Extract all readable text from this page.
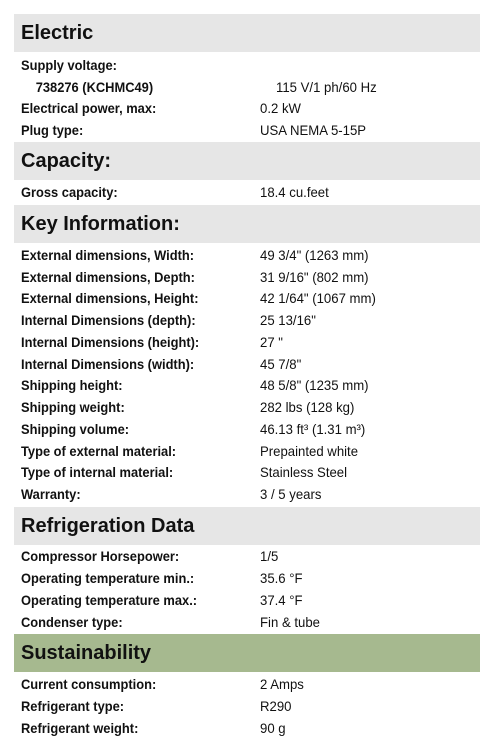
Electric
Supply voltage:
738276 (KCHMC49)	115 V/1 ph/60 Hz
Electrical power, max:	0.2 kW
Plug type:	USA NEMA 5-15P
Capacity:
Gross capacity:	18.4 cu.feet
Key Information:
External dimensions, Width:	49 3/4" (1263 mm)
External dimensions, Depth:	31 9/16" (802 mm)
External dimensions, Height:	42 1/64" (1067 mm)
Internal Dimensions (depth):	25 13/16"
Internal Dimensions (height):	27 "
Internal Dimensions (width):	45 7/8"
Shipping height:	48 5/8" (1235 mm)
Shipping weight:	282 lbs (128 kg)
Shipping volume:	46.13 ft³ (1.31 m³)
Type of external material:	Prepainted white
Type of internal material:	Stainless Steel
Warranty:	3 / 5 years
Refrigeration Data
Compressor Horsepower:	1/5
Operating temperature min.:	35.6 °F
Operating temperature max.:	37.4 °F
Condenser type:	Fin & tube
Sustainability
Current consumption:	2 Amps
Refrigerant type:	R290
Refrigerant weight:	90 g
